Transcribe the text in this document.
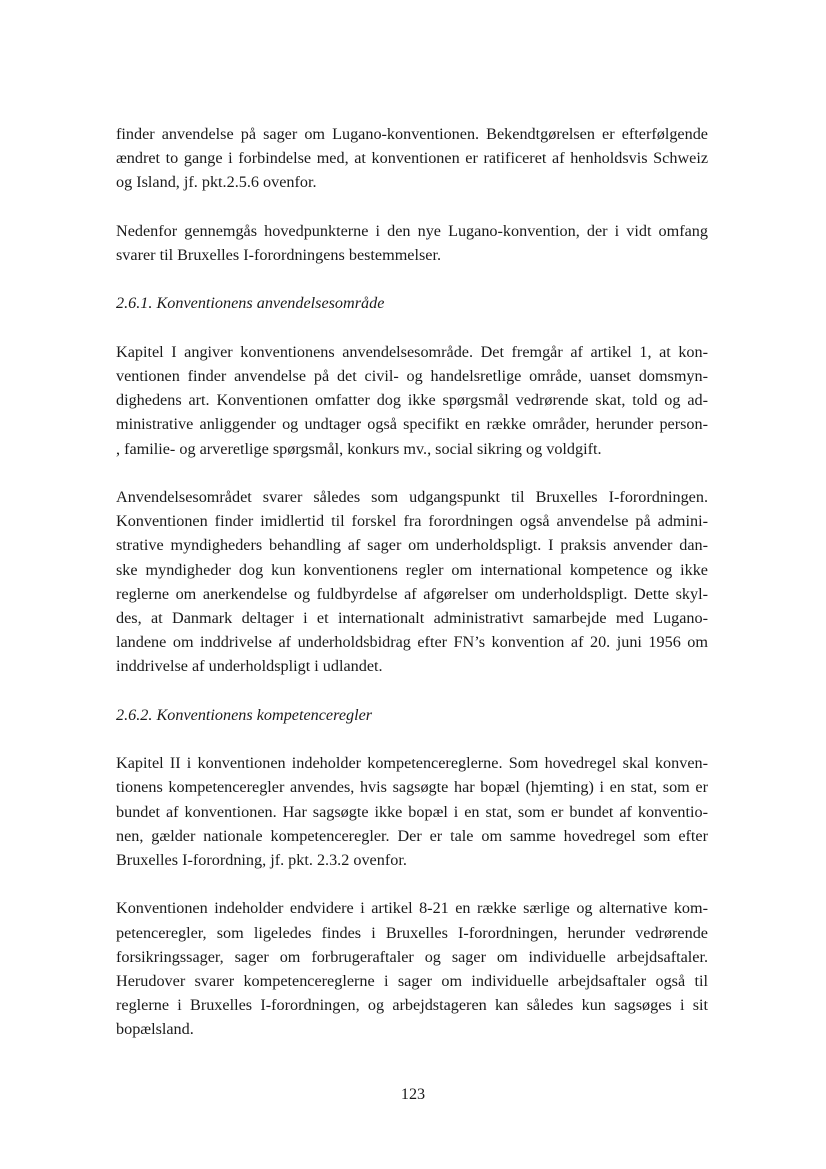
finder anvendelse på sager om Lugano-konventionen. Bekendtgørelsen er efterfølgende
ændret to gange i forbindelse med, at konventionen er ratificeret af henholdsvis Schweiz
og Island, jf. pkt.2.5.6 ovenfor.

Nedenfor gennemgås hovedpunkterne i den nye Lugano-konvention, der i vidt omfang
svarer til Bruxelles I-forordningens bestemmelser.

2.6.1. Konventionens anvendelsesområde

Kapitel I angiver konventionens anvendelsesområde. Det fremgår af artikel 1, at kon-
ventionen finder anvendelse på det civil- og handelsretlige område, uanset domsmyn-
dighedens art. Konventionen omfatter dog ikke spørgsmål vedrørende skat, told og ad-
ministrative anliggender og undtager også specifikt en række områder, herunder person-
, familie- og arveretlige spørgsmål, konkurs mv., social sikring og voldgift.

Anvendelsesområdet svarer således som udgangspunkt til Bruxelles I-forordningen.
Konventionen finder imidlertid til forskel fra forordningen også anvendelse på admini-
strative myndigheders behandling af sager om underholdspligt. I praksis anvender dan-
ske myndigheder dog kun konventionens regler om international kompetence og ikke
reglerne om anerkendelse og fuldbyrdelse af afgørelser om underholdspligt. Dette skyl-
des, at Danmark deltager i et internationalt administrativt samarbejde med Lugano-
landene om inddrivelse af underholdsbidrag efter FN’s konvention af 20. juni 1956 om
inddrivelse af underholdspligt i udlandet.

2.6.2. Konventionens kompetenceregler

Kapitel II i konventionen indeholder kompetencereglerne. Som hovedregel skal konven-
tionens kompetenceregler anvendes, hvis sagsøgte har bopæl (hjemting) i en stat, som er
bundet af konventionen. Har sagsøgte ikke bopæl i en stat, som er bundet af konventio-
nen, gælder nationale kompetenceregler. Der er tale om samme hovedregel som efter
Bruxelles I-forordning, jf. pkt. 2.3.2 ovenfor.

Konventionen indeholder endvidere i artikel 8-21 en række særlige og alternative kom-
petenceregler, som ligeledes findes i Bruxelles I-forordningen, herunder vedrørende
forsikringssager, sager om forbrugeraftaler og sager om individuelle arbejdsaftaler.
Herudover svarer kompetencereglerne i sager om individuelle arbejdsaftaler også til
reglerne i Bruxelles I-forordningen, og arbejdstageren kan således kun sagsøges i sit
bopælsland.

123
